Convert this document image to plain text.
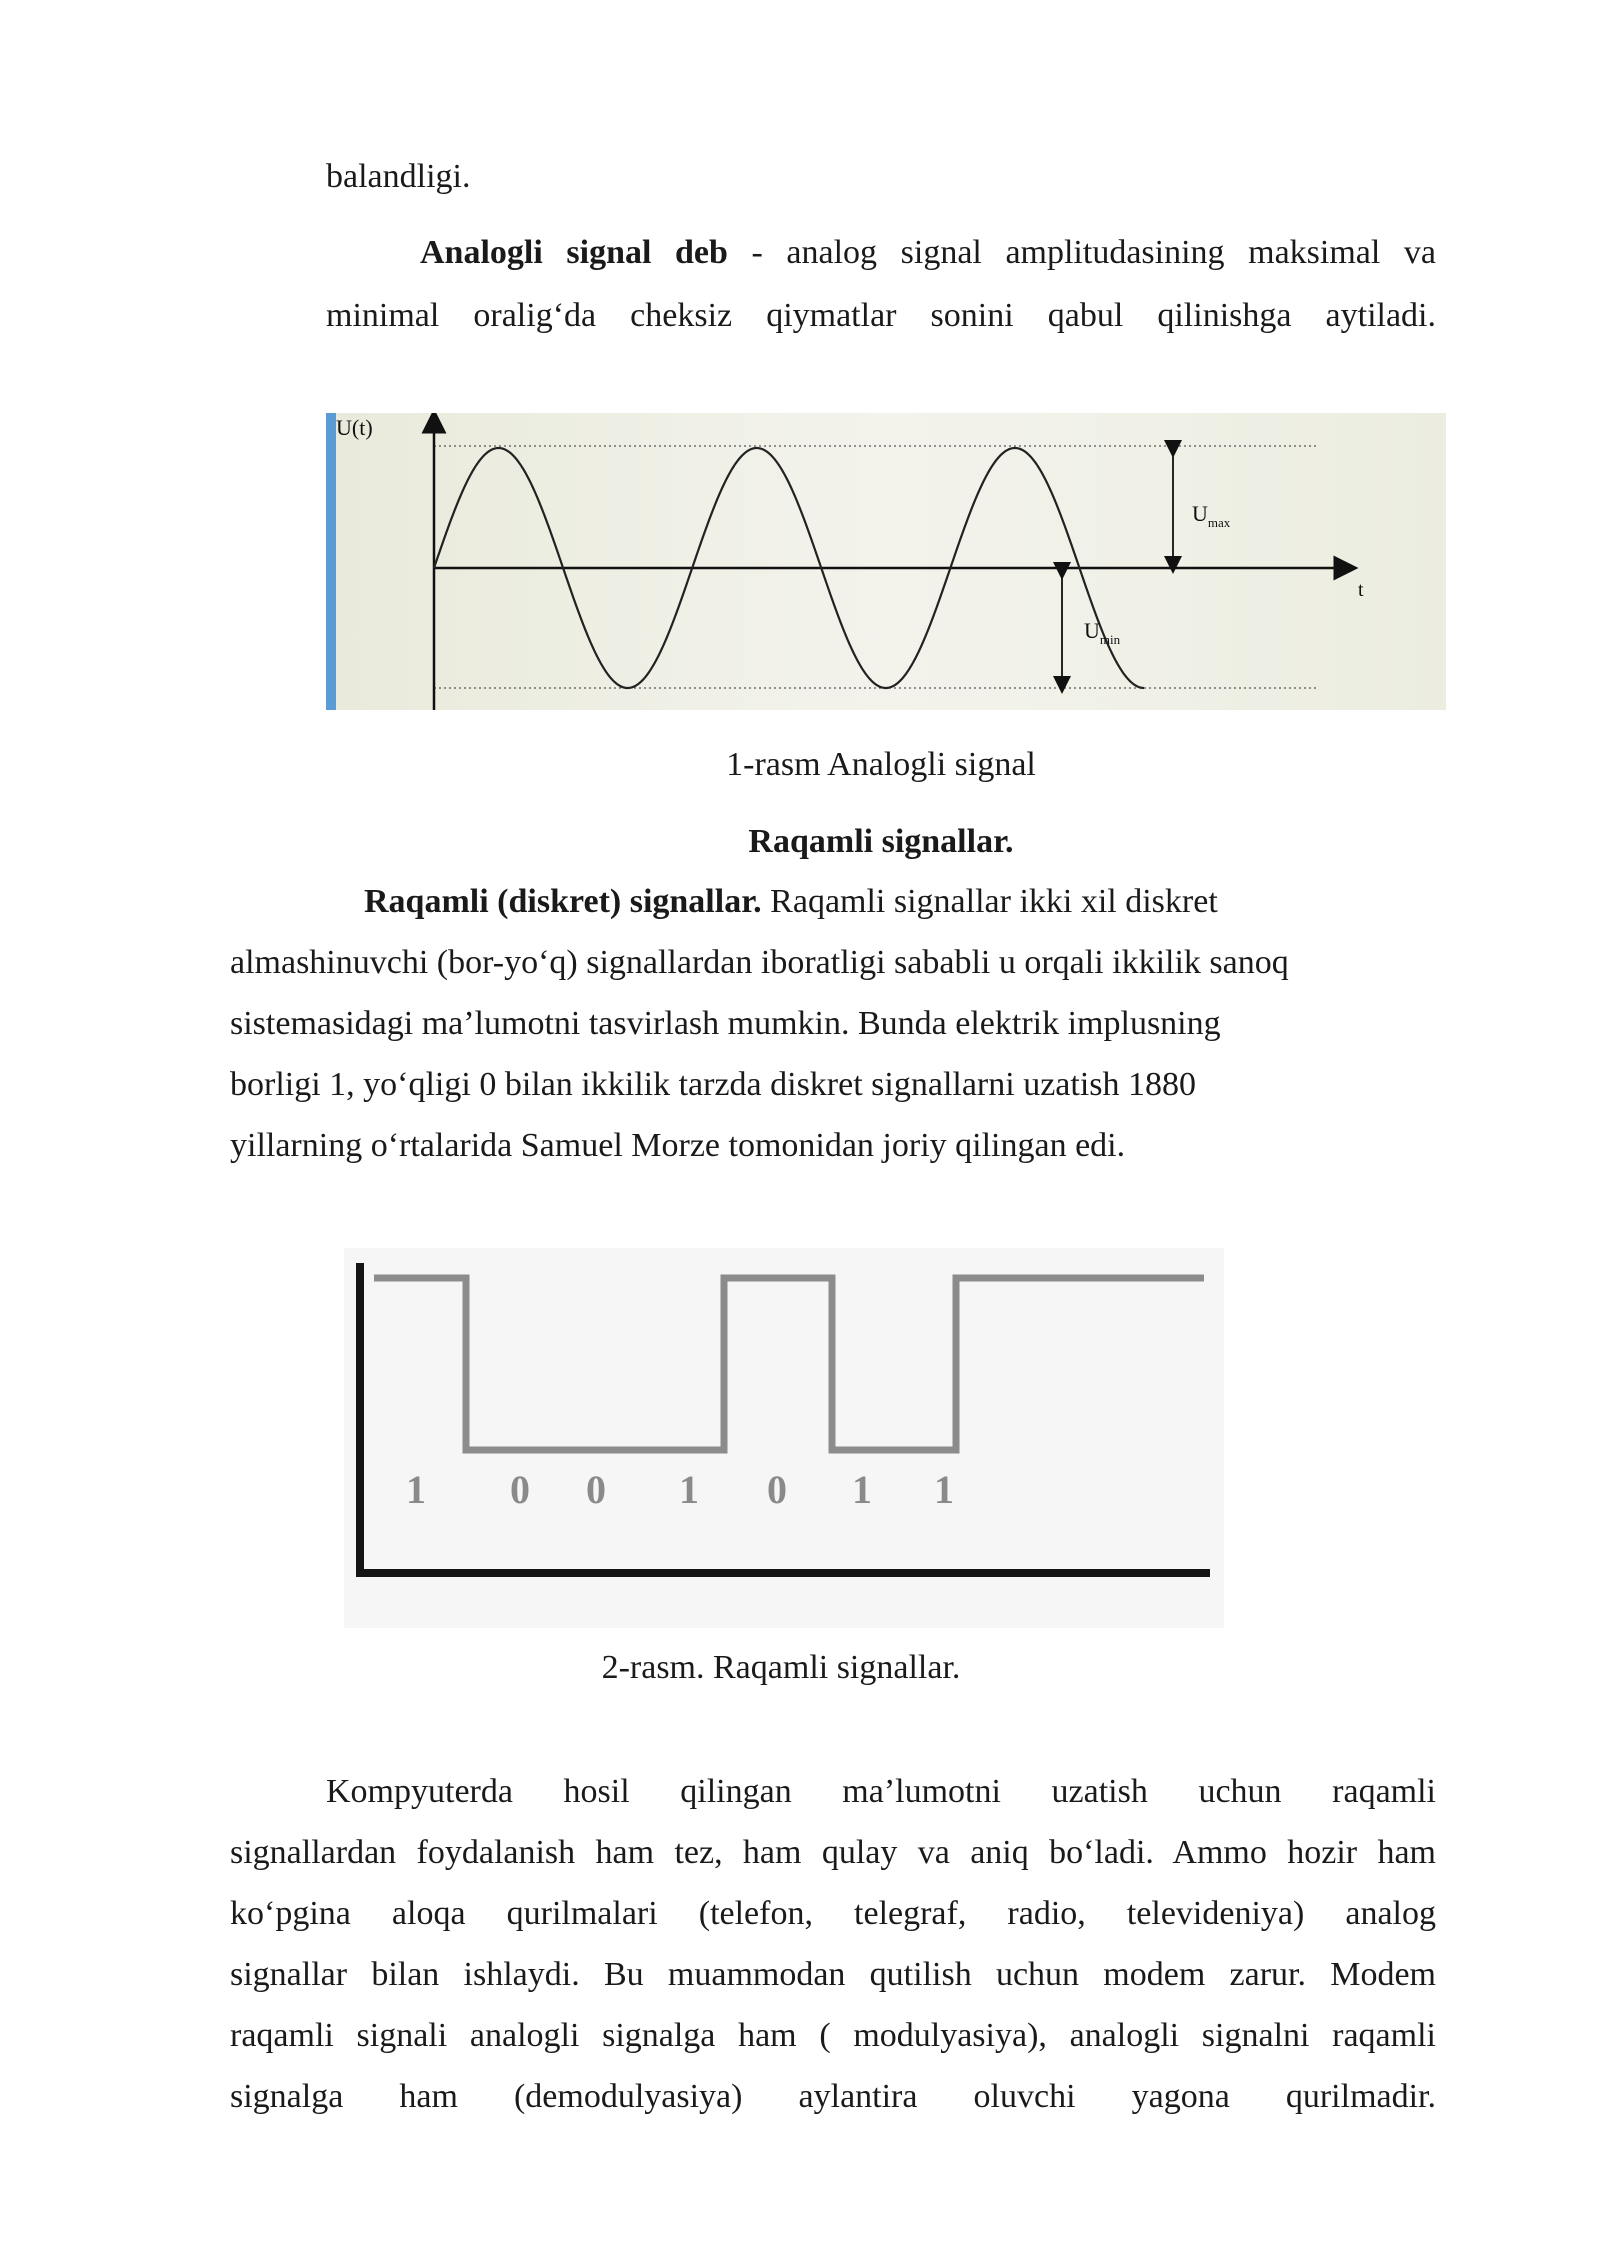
balandligi.
Analogli signal deb - analog signal amplitudasining maksimal va
minimal oralig‘da cheksiz qiymatlar sonini qabul qilinishga aytiladi.
U(t)
t
$U_{max}$
$U_{min}$
1-rasm Analogli signal
Raqamli signallar.
Raqamli (diskret) signallar. Raqamli signallar ikki xil diskret
almashinuvchi (bor-yo‘q) signallardan iboratligi sababli u orqali ikkilik sanoq
sistemasidagi ma’lumotni tasvirlash mumkin. Bunda elektrik implusning
borligi 1, yo‘qligi 0 bilan ikkilik tarzda diskret signallarni uzatish 1880
yillarning o‘rtalarida Samuel Morze tomonidan joriy qilingan edi.
1 0 0 1 0 1 1
2-rasm. Raqamli signallar.
Kompyuterda hosil qilingan ma’lumotni uzatish uchun raqamli
signallardan foydalanish ham tez, ham qulay va aniq bo‘ladi. Ammo hozir ham
ko‘pgina aloqa qurilmalari (telefon, telegraf, radio, televideniya) analog
signallar bilan ishlaydi. Bu muammodan qutilish uchun modem zarur. Modem
raqamli signali analogli signalga ham ( modulyasiya), analogli signalni raqamli
signalga ham (demodulyasiya) aylantira oluvchi yagona qurilmadir.
